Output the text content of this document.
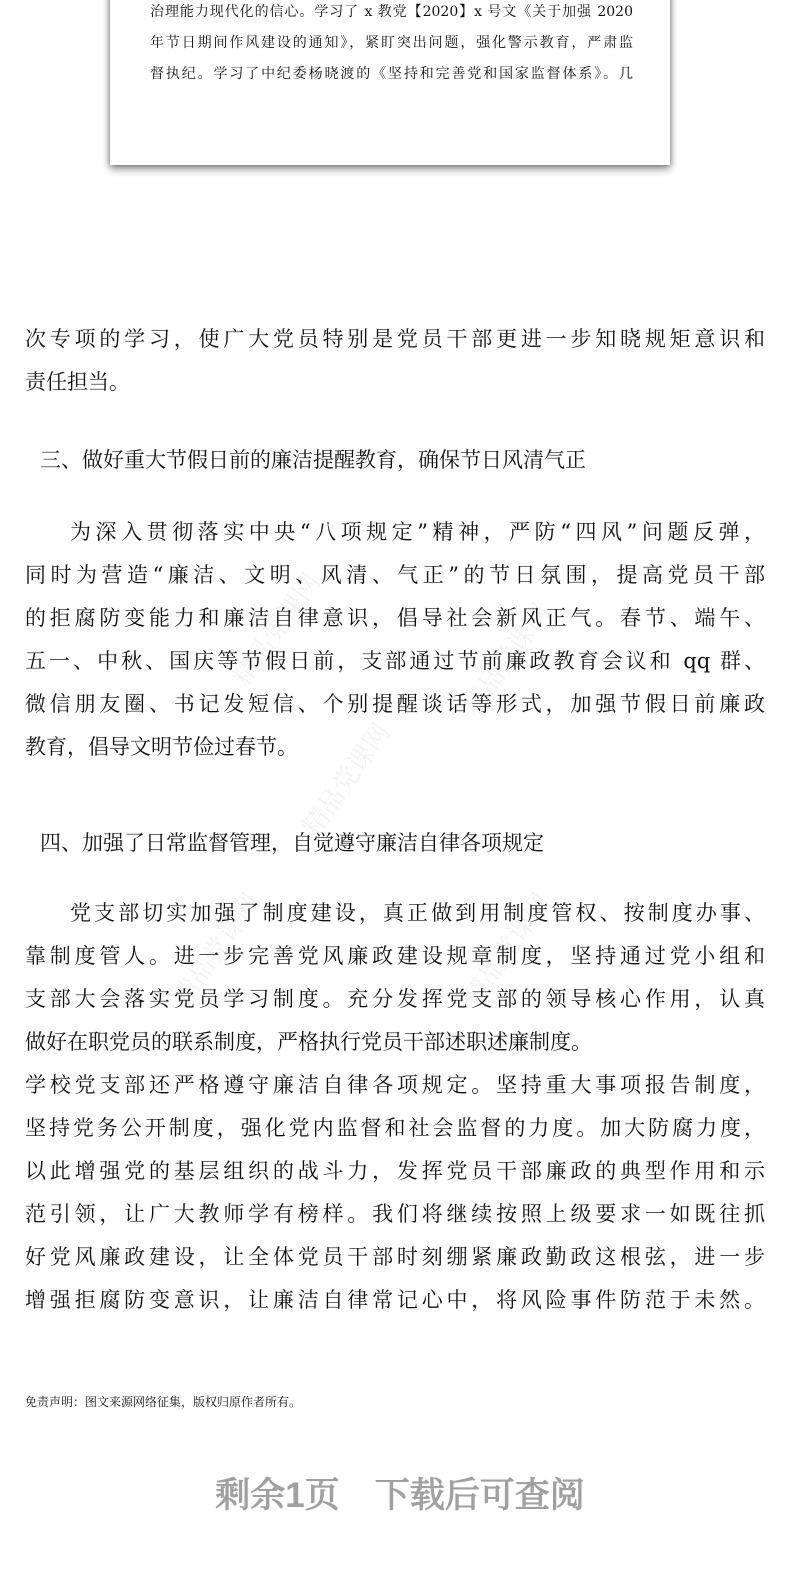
治理能力现代化的信心。学习了 x 教党【2020】x 号文《关于加强 2020
年节日期间作风建设的通知》，紧盯突出问题，强化警示教育，严肃监
督执纪。学习了中纪委杨晓渡的《坚持和完善党和国家监督体系》。几
精品党课网	精品党课网
精品党课网
精品党课网	精品党课网
次专项的学习，使广大党员特别是党员干部更进一步知晓规矩意识和
责任担当。
三、做好重大节假日前的廉洁提醒教育，确保节日风清气正
为深入贯彻落实中央“八项规定”精神，严防“四风”问题反弹，
同时为营造“廉洁、文明、风清、气正”的节日氛围，提高党员干部
的拒腐防变能力和廉洁自律意识，倡导社会新风正气。春节、端午、
五一、中秋、国庆等节假日前，支部通过节前廉政教育会议和 qq 群、
微信朋友圈、书记发短信、个别提醒谈话等形式，加强节假日前廉政
教育，倡导文明节俭过春节。
四、加强了日常监督管理，自觉遵守廉洁自律各项规定
党支部切实加强了制度建设，真正做到用制度管权、按制度办事、
靠制度管人。进一步完善党风廉政建设规章制度，坚持通过党小组和
支部大会落实党员学习制度。充分发挥党支部的领导核心作用，认真
做好在职党员的联系制度，严格执行党员干部述职述廉制度。
学校党支部还严格遵守廉洁自律各项规定。坚持重大事项报告制度，
坚持党务公开制度，强化党内监督和社会监督的力度。加大防腐力度，
以此增强党的基层组织的战斗力，发挥党员干部廉政的典型作用和示
范引领，让广大教师学有榜样。我们将继续按照上级要求一如既往抓
好党风廉政建设，让全体党员干部时刻绷紧廉政勤政这根弦，进一步
增强拒腐防变意识，让廉洁自律常记心中，将风险事件防范于未然。
免责声明：图文来源网络征集，版权归原作者所有。
剩余1页　下载后可查阅
